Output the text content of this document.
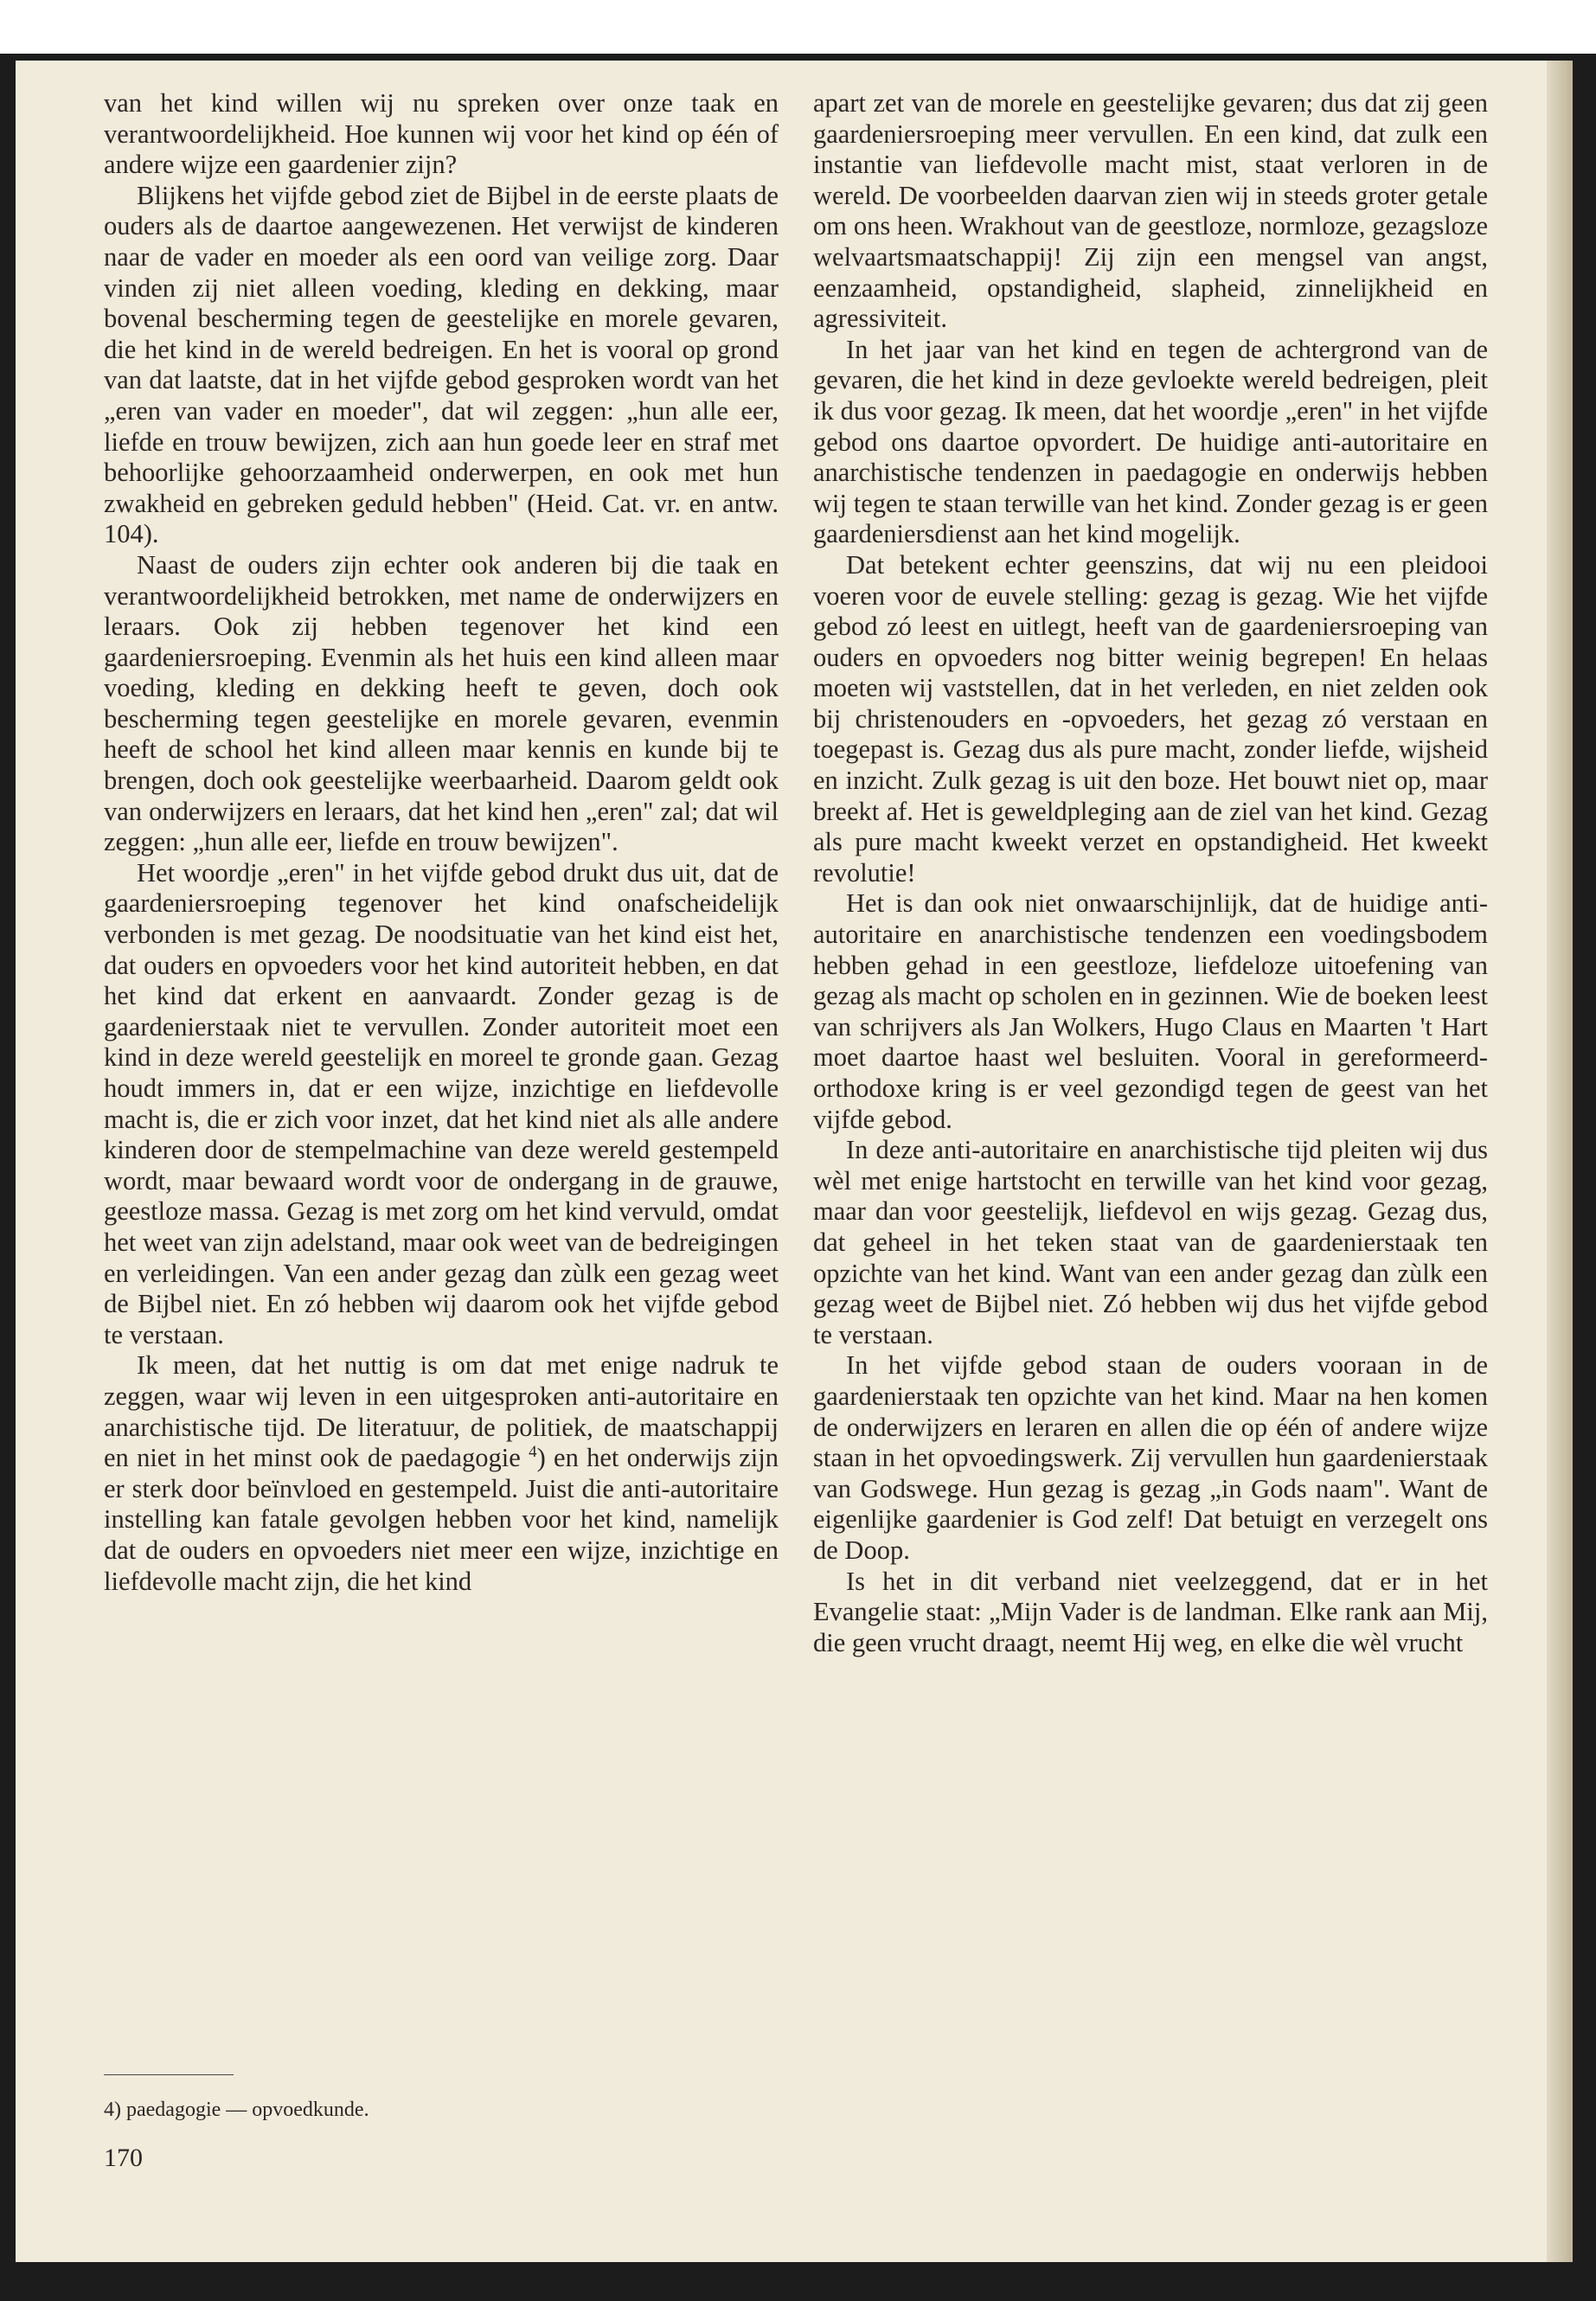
van het kind willen wij nu spreken over onze taak en verantwoordelijkheid. Hoe kunnen wij voor het kind op één of andere wijze een gaardenier zijn?

Blijkens het vijfde gebod ziet de Bijbel in de eerste plaats de ouders als de daartoe aangewezenen. Het verwijst de kinderen naar de vader en moeder als een oord van veilige zorg. Daar vinden zij niet alleen voeding, kleding en dekking, maar bovenal bescherming tegen de geestelijke en morele gevaren, die het kind in de wereld bedreigen. En het is vooral op grond van dat laatste, dat in het vijfde gebod gesproken wordt van het „eren van vader en moeder", dat wil zeggen: „hun alle eer, liefde en trouw bewijzen, zich aan hun goede leer en straf met behoorlijke gehoorzaamheid onderwerpen, en ook met hun zwakheid en gebreken geduld hebben" (Heid. Cat. vr. en antw. 104).

Naast de ouders zijn echter ook anderen bij die taak en verantwoordelijkheid betrokken, met name de onderwijzers en leraars. Ook zij hebben tegenover het kind een gaardeniersroeping. Evenmin als het huis een kind alleen maar voeding, kleding en dekking heeft te geven, doch ook bescherming tegen geestelijke en morele gevaren, evenmin heeft de school het kind alleen maar kennis en kunde bij te brengen, doch ook geestelijke weerbaarheid. Daarom geldt ook van onderwijzers en leraars, dat het kind hen „eren" zal; dat wil zeggen: „hun alle eer, liefde en trouw bewijzen".

Het woordje „eren" in het vijfde gebod drukt dus uit, dat de gaardeniersroeping tegenover het kind onafscheidelijk verbonden is met gezag. De noodsituatie van het kind eist het, dat ouders en opvoeders voor het kind autoriteit hebben, en dat het kind dat erkent en aanvaardt. Zonder gezag is de gaardenierstaak niet te vervullen. Zonder autoriteit moet een kind in deze wereld geestelijk en moreel te gronde gaan. Gezag houdt immers in, dat er een wijze, inzichtige en liefdevolle macht is, die er zich voor inzet, dat het kind niet als alle andere kinderen door de stempelmachine van deze wereld gestempeld wordt, maar bewaard wordt voor de ondergang in de grauwe, geestloze massa. Gezag is met zorg om het kind vervuld, omdat het weet van zijn adelstand, maar ook weet van de bedreigingen en verleidingen. Van een ander gezag dan zùlk een gezag weet de Bijbel niet. En zó hebben wij daarom ook het vijfde gebod te verstaan.

Ik meen, dat het nuttig is om dat met enige nadruk te zeggen, waar wij leven in een uitgesproken anti-autoritaire en anarchistische tijd. De literatuur, de politiek, de maatschappij en niet in het minst ook de paedagogie $^4$) en het onderwijs zijn er sterk door beïnvloed en gestempeld. Juist die anti-autoritaire instelling kan fatale gevolgen hebben voor het kind, namelijk dat de ouders en opvoeders niet meer een wijze, inzichtige en liefdevolle macht zijn, die het kind

apart zet van de morele en geestelijke gevaren; dus dat zij geen gaardeniersroeping meer vervullen. En een kind, dat zulk een instantie van liefdevolle macht mist, staat verloren in de wereld. De voorbeelden daarvan zien wij in steeds groter getale om ons heen. Wrakhout van de geestloze, normloze, gezagsloze welvaartsmaatschappij! Zij zijn een mengsel van angst, eenzaamheid, opstandigheid, slapheid, zinnelijkheid en agressiviteit.

In het jaar van het kind en tegen de achtergrond van de gevaren, die het kind in deze gevloekte wereld bedreigen, pleit ik dus voor gezag. Ik meen, dat het woordje „eren" in het vijfde gebod ons daartoe opvordert. De huidige anti-autoritaire en anarchistische tendenzen in paedagogie en onderwijs hebben wij tegen te staan terwille van het kind. Zonder gezag is er geen gaardeniersdienst aan het kind mogelijk.

Dat betekent echter geenszins, dat wij nu een pleidooi voeren voor de euvele stelling: gezag is gezag. Wie het vijfde gebod zó leest en uitlegt, heeft van de gaardeniersroeping van ouders en opvoeders nog bitter weinig begrepen! En helaas moeten wij vaststellen, dat in het verleden, en niet zelden ook bij christenouders en -opvoeders, het gezag zó verstaan en toegepast is. Gezag dus als pure macht, zonder liefde, wijsheid en inzicht. Zulk gezag is uit den boze. Het bouwt niet op, maar breekt af. Het is geweldpleging aan de ziel van het kind. Gezag als pure macht kweekt verzet en opstandigheid. Het kweekt revolutie!

Het is dan ook niet onwaarschijnlijk, dat de huidige anti-autoritaire en anarchistische tendenzen een voedingsbodem hebben gehad in een geestloze, liefdeloze uitoefening van gezag als macht op scholen en in gezinnen. Wie de boeken leest van schrijvers als Jan Wolkers, Hugo Claus en Maarten 't Hart moet daartoe haast wel besluiten. Vooral in gereformeerd-orthodoxe kring is er veel gezondigd tegen de geest van het vijfde gebod.

In deze anti-autoritaire en anarchistische tijd pleiten wij dus wèl met enige hartstocht en terwille van het kind voor gezag, maar dan voor geestelijk, liefdevol en wijs gezag. Gezag dus, dat geheel in het teken staat van de gaardenierstaak ten opzichte van het kind. Want van een ander gezag dan zùlk een gezag weet de Bijbel niet. Zó hebben wij dus het vijfde gebod te verstaan.

In het vijfde gebod staan de ouders vooraan in de gaardenierstaak ten opzichte van het kind. Maar na hen komen de onderwijzers en leraren en allen die op één of andere wijze staan in het opvoedingswerk. Zij vervullen hun gaardenierstaak van Godswege. Hun gezag is gezag „in Gods naam". Want de eigenlijke gaardenier is God zelf! Dat betuigt en verzegelt ons de Doop.

Is het in dit verband niet veelzeggend, dat er in het Evangelie staat: „Mijn Vader is de landman. Elke rank aan Mij, die geen vrucht draagt, neemt Hij weg, en elke die wèl vrucht

4) paedagogie — opvoedkunde.
170
